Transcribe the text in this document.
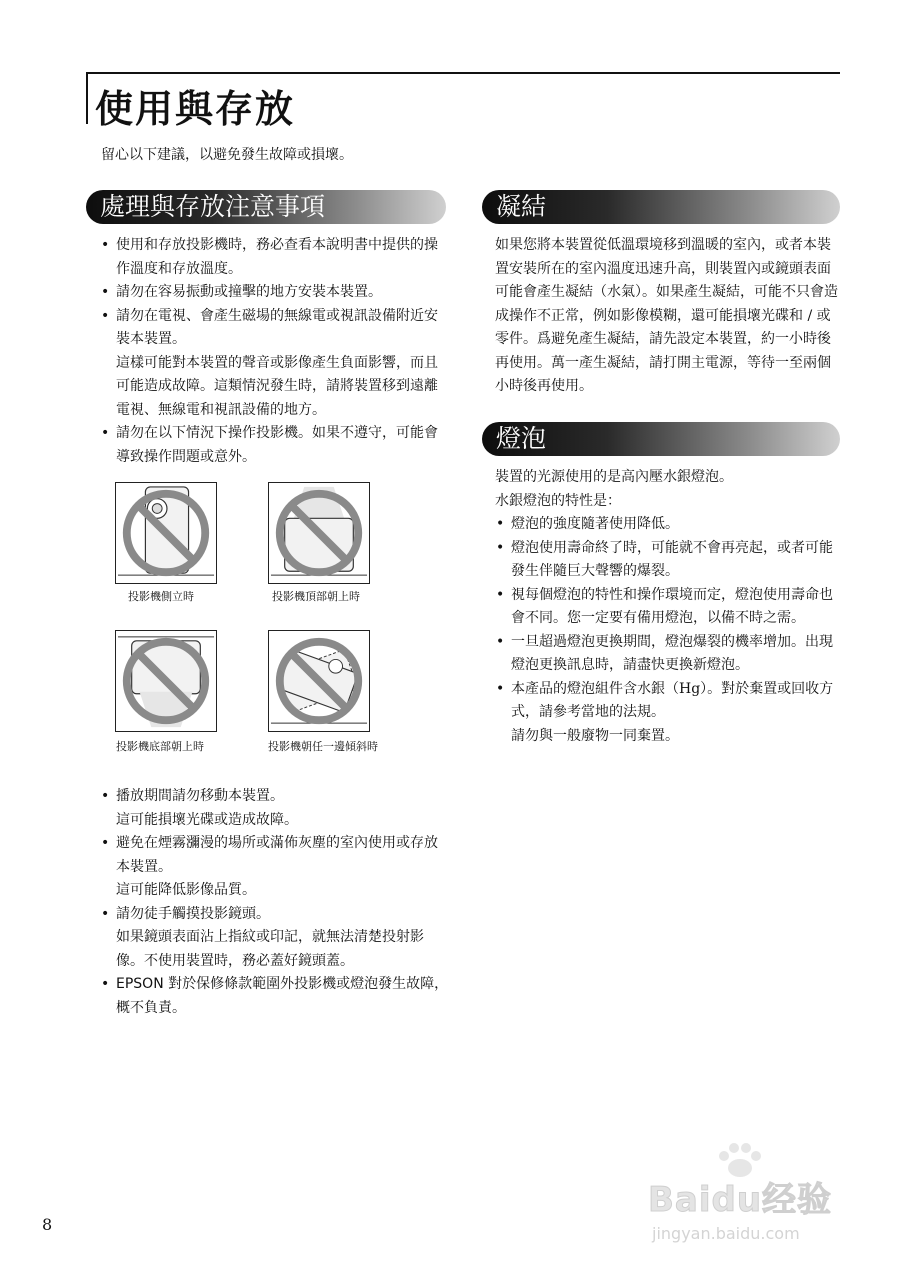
使用與存放
留心以下建議，以避免發生故障或損壞。
處理與存放注意事項
• 使用和存放投影機時，務必查看本說明書中提供的操作溫度和存放溫度。
• 請勿在容易振動或撞擊的地方安裝本裝置。
• 請勿在電視、會產生磁場的無線電或視訊設備附近安裝本裝置。
這樣可能對本裝置的聲音或影像產生負面影響，而且可能造成故障。這類情況發生時，請將裝置移到遠離電視、無線電和視訊設備的地方。
• 請勿在以下情況下操作投影機。如果不遵守，可能會導致操作問題或意外。
投影機側立時	投影機頂部朝上時
投影機底部朝上時	投影機朝任一邊傾斜時
• 播放期間請勿移動本裝置。
這可能損壞光碟或造成故障。
• 避免在煙霧瀰漫的場所或滿佈灰塵的室內使用或存放本裝置。
這可能降低影像品質。
• 請勿徒手觸摸投影鏡頭。
如果鏡頭表面沾上指紋或印記，就無法清楚投射影像。不使用裝置時，務必蓋好鏡頭蓋。
• EPSON 對於保修條款範圍外投影機或燈泡發生故障，概不負責。
凝結
如果您將本裝置從低溫環境移到溫暖的室內，或者本裝置安裝所在的室內溫度迅速升高，則裝置內或鏡頭表面可能會產生凝結（水氣）。如果產生凝結，可能不只會造成操作不正常，例如影像模糊，還可能損壞光碟和 / 或零件。爲避免產生凝結，請先設定本裝置，約一小時後再使用。萬一產生凝結，請打開主電源，等待一至兩個小時後再使用。
燈泡
裝置的光源使用的是高內壓水銀燈泡。
水銀燈泡的特性是：
• 燈泡的強度隨著使用降低。
• 燈泡使用壽命終了時，可能就不會再亮起，或者可能發生伴隨巨大聲響的爆裂。
• 視每個燈泡的特性和操作環境而定，燈泡使用壽命也會不同。您一定要有備用燈泡，以備不時之需。
• 一旦超過燈泡更換期間，燈泡爆裂的機率增加。出現燈泡更換訊息時，請盡快更換新燈泡。
• 本產品的燈泡組件含水銀（Hg）。對於棄置或回收方式，請參考當地的法規。
請勿與一般廢物一同棄置。
8
Baidu经验
jingyan.baidu.com
